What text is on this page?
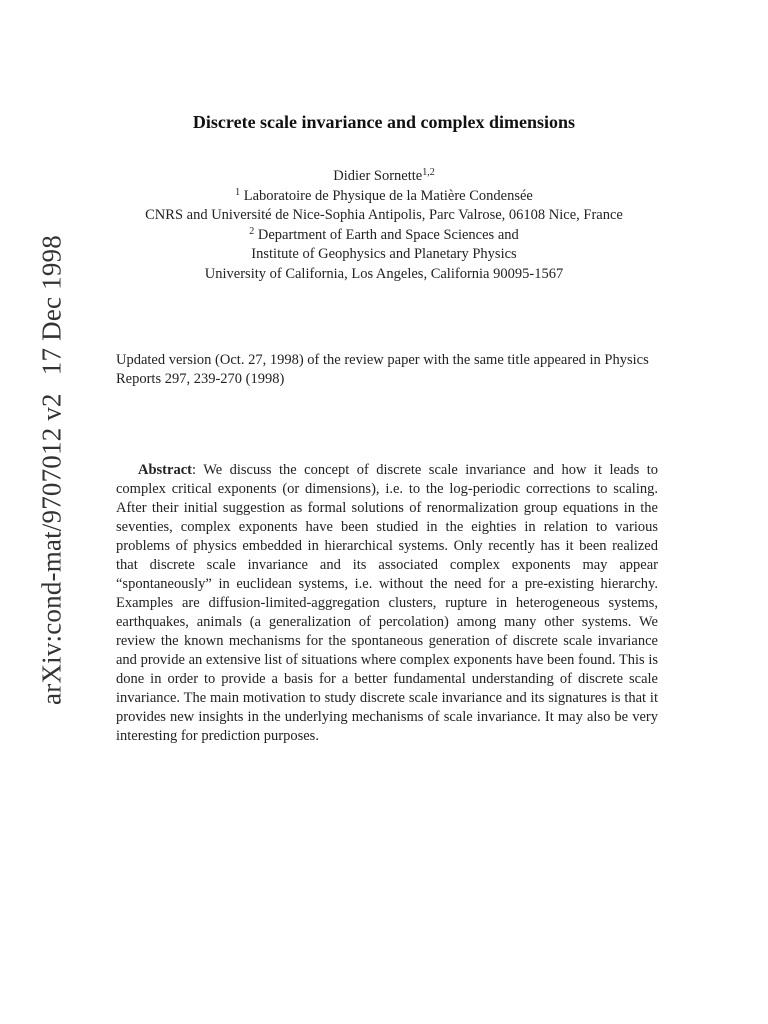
arXiv:cond-mat/9707012 v217 Dec 1998
Discrete scale invariance and complex dimensions
Didier Sornette$^{1,2}$
$^1$ Laboratoire de Physique de la Matière Condensée
CNRS and Université de Nice-Sophia Antipolis, Parc Valrose, 06108 Nice, France
$^2$ Department of Earth and Space Sciences and
Institute of Geophysics and Planetary Physics
University of California, Los Angeles, California 90095-1567
Updated version (Oct. 27, 1998) of the review paper with the same title appeared in Physics Reports 297, 239-270 (1998)
Abstract: We discuss the concept of discrete scale invariance and how it leads to complex critical exponents (or dimensions), i.e. to the log-periodic corrections to scaling. After their initial suggestion as formal solutions of renormalization group equations in the seventies, complex exponents have been studied in the eighties in relation to various problems of physics embedded in hierarchical systems. Only recently has it been realized that discrete scale invariance and its associated complex exponents may appear “spontaneously” in euclidean systems, i.e. without the need for a pre-existing hierarchy. Examples are diffusion-limited-aggregation clusters, rupture in heterogeneous systems, earthquakes, animals (a generalization of percolation) among many other systems. We review the known mechanisms for the spontaneous generation of discrete scale invariance and provide an extensive list of situations where complex exponents have been found. This is done in order to provide a basis for a better fundamental understanding of discrete scale invariance. The main motivation to study discrete scale invariance and its signatures is that it provides new insights in the underlying mechanisms of scale invariance. It may also be very interesting for prediction purposes.
